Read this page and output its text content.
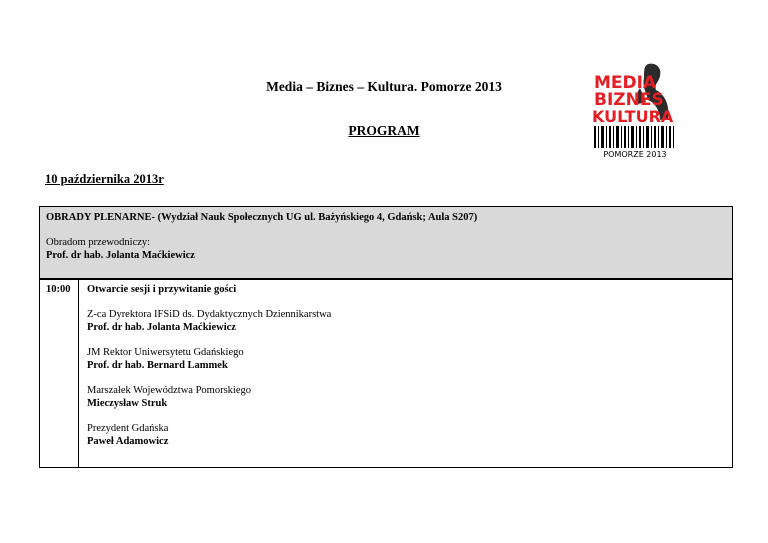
Media – Biznes – Kultura. Pomorze 2013
PROGRAM
10 października 2013r
MEDIA
BIZNES
KULTURA
POMORZE 2013
OBRADY PLENARNE- (Wydział Nauk Społecznych UG ul. Bażyńskiego 4, Gdańsk; Aula S207)
Obradom przewodniczy:
Prof. dr hab. Jolanta Maćkiewicz
10:00	Otwarcie sesji i przywitanie gości
Z-ca Dyrektora IFSiD ds. Dydaktycznych Dziennikarstwa
Prof. dr hab. Jolanta Maćkiewicz
JM Rektor Uniwersytetu Gdańskiego
Prof. dr hab. Bernard Lammek
Marszałek Województwa Pomorskiego
Mieczysław Struk
Prezydent Gdańska
Paweł Adamowicz
